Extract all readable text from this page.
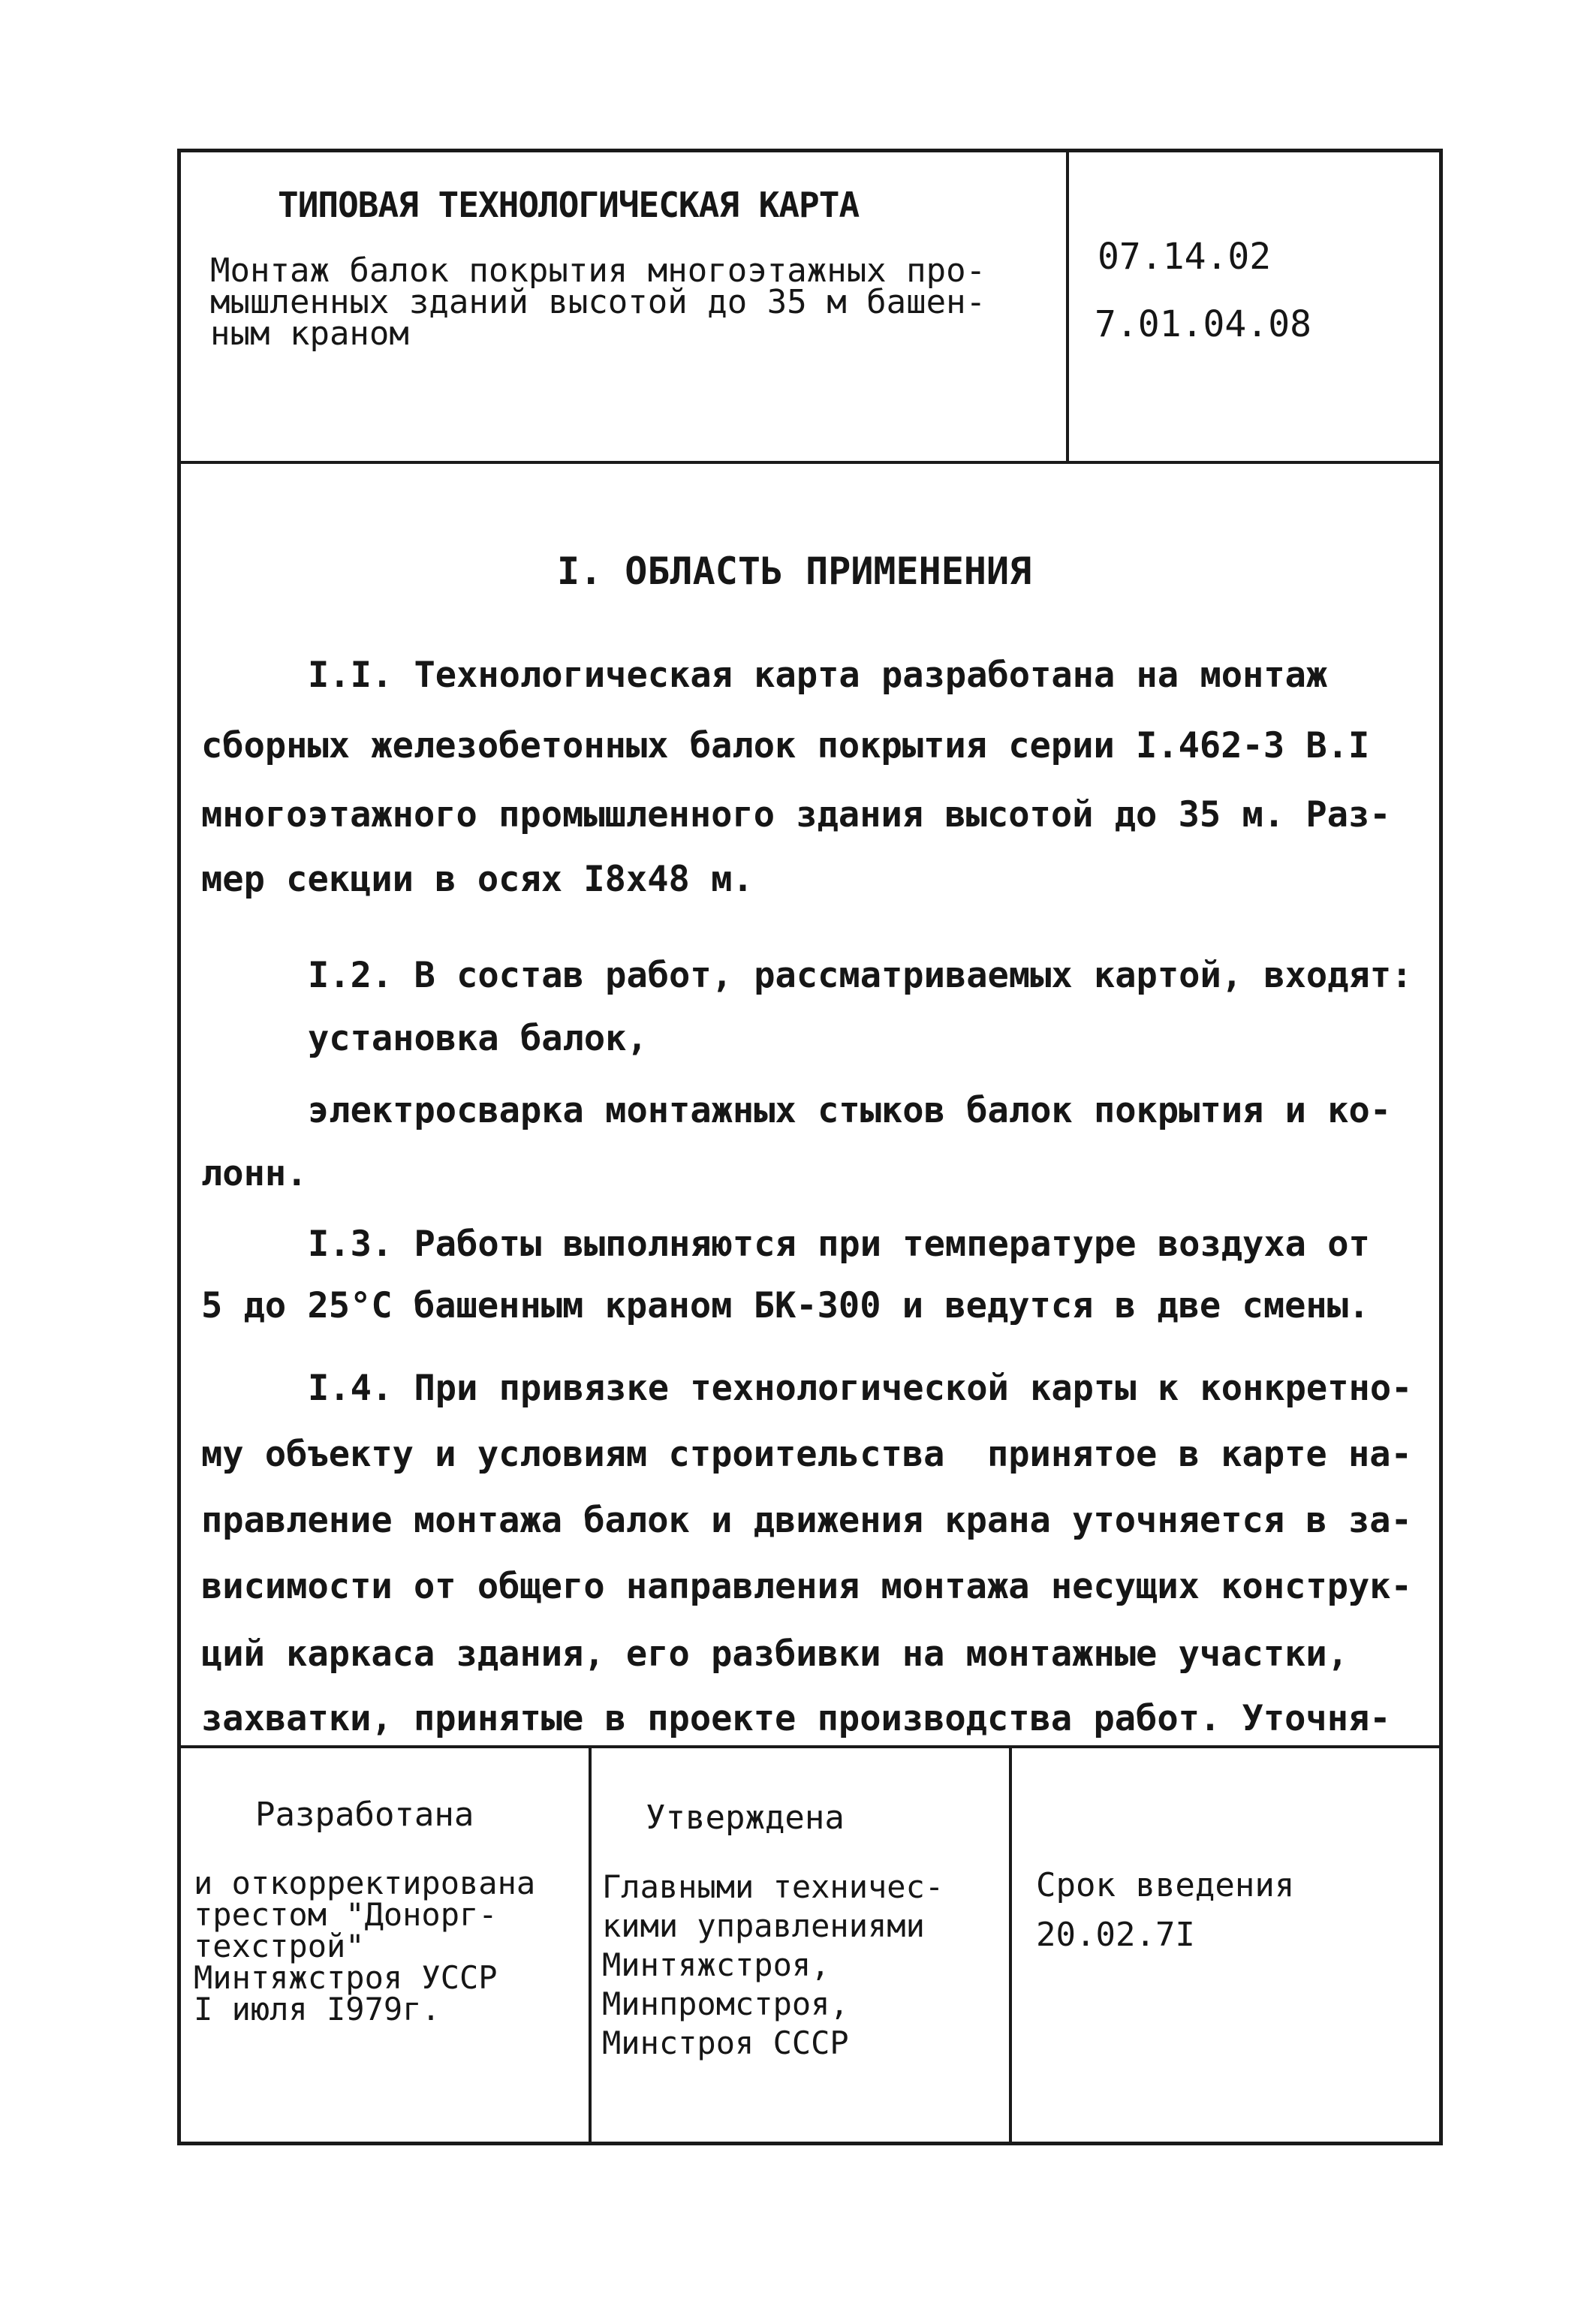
ТИПОВАЯ ТЕХНОЛОГИЧЕСКАЯ КАРТА
Монтаж балок покрытия многоэтажных про-
мышленных зданий высотой до 35 м башен-
ным краном
07.14.02
7.01.04.08
I. ОБЛАСТЬ ПРИМЕНЕНИЯ
I.I. Технологическая карта разработана на монтаж
сборных железобетонных балок покрытия серии I.462-3 В.I
многоэтажного промышленного здания высотой до 35 м. Раз-
мер секции в осях I8х48 м.
I.2. В состав работ, рассматриваемых картой, входят:
установка балок,
электросварка монтажных стыков балок покрытия и ко-
лонн.
I.3. Работы выполняются при температуре воздуха от
5 до 25°С башенным краном БК-300 и ведутся в две смены.
I.4. При привязке технологической карты к конкретно-
му объекту и условиям строительства  принятое в карте на-
правление монтажа балок и движения крана уточняется в за-
висимости от общего направления монтажа несущих конструк-
ций каркаса здания, его разбивки на монтажные участки,
захватки, принятые в проекте производства работ. Уточня-
Разработана
и откорректирована
трестом "Донорг-
техстрой"
Минтяжстроя УССР
I июля I979г.
Утверждена
Главными техничес-
кими управлениями
Минтяжстроя,
Минпромстроя,
Минстроя СССР
Срок введения
20.02.7I
